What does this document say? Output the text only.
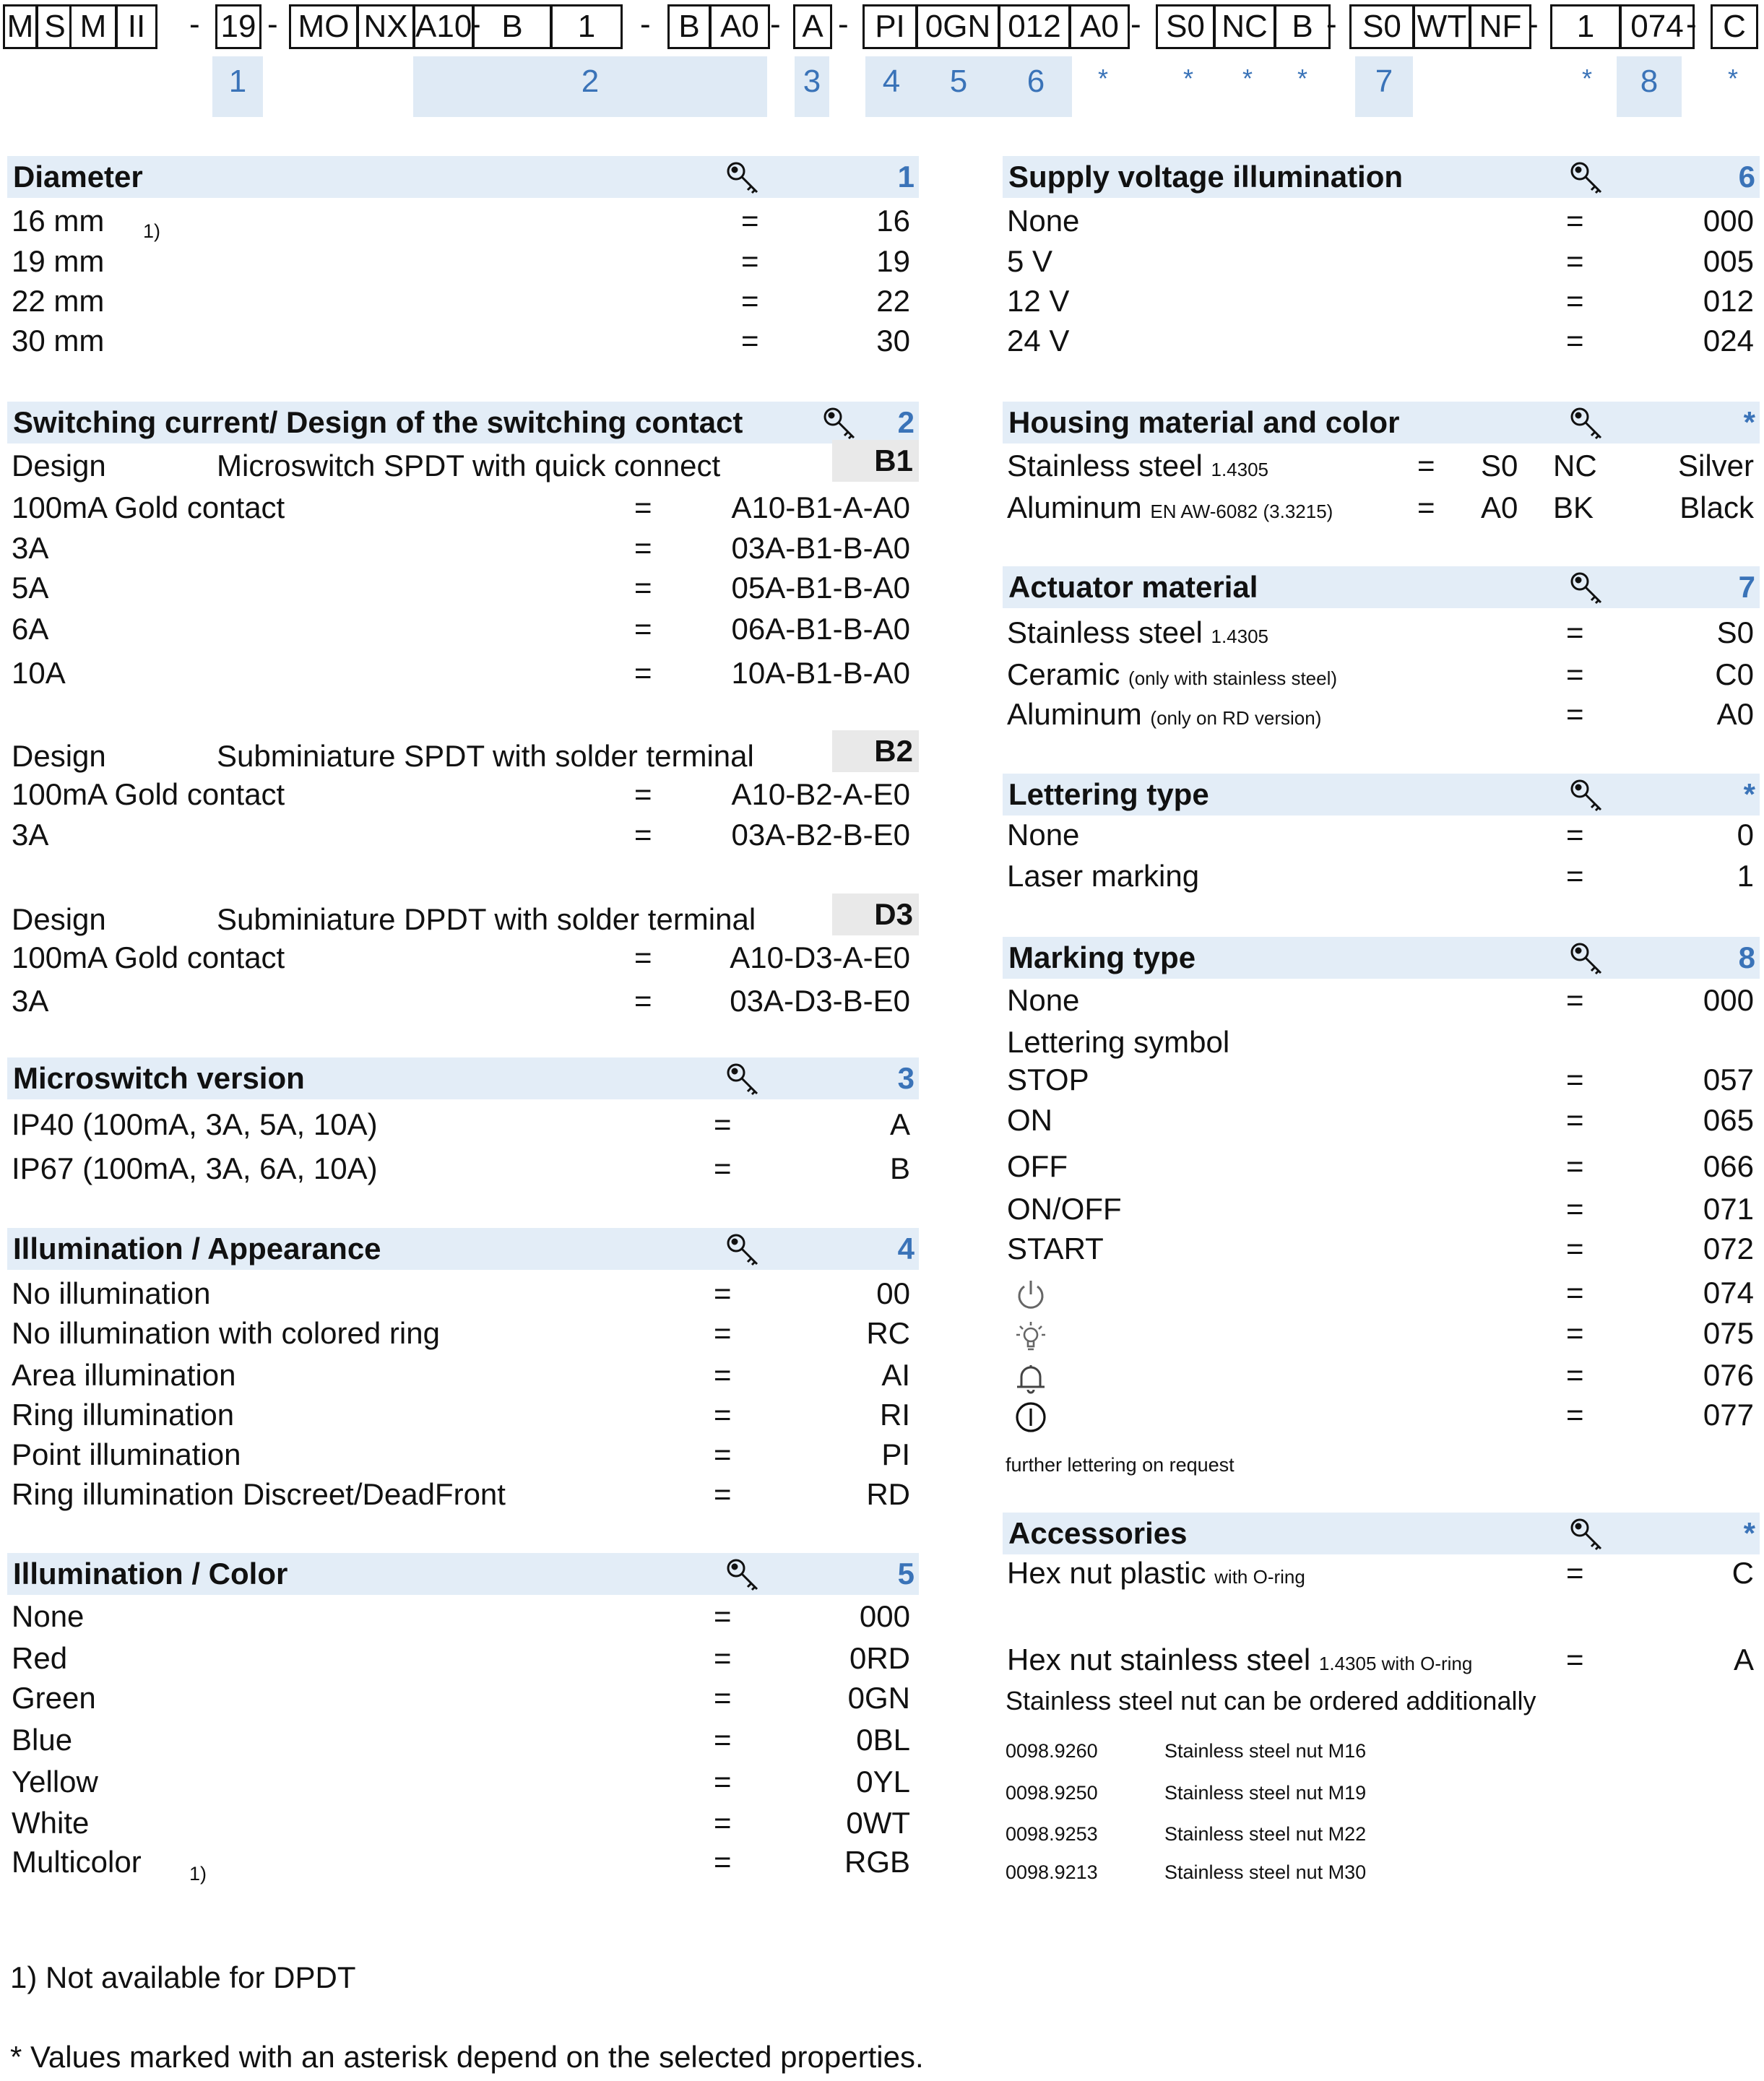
M S M II	19 MO NX A10 B	1	B A0	A	PI 0GN 012 A0	S0 NC B	S0 WT NF	1	074	C
- -	-	-	- -	-	-	-	-
1	2	3	4	5	6	7	8
*	* * *	*	*
Diameter	1
16 mm	=	16
19 mm	=	19
22 mm	=	22
30 mm	=	30
1)
Switching current/ Design of the switching contact	2
Design	Microswitch SPDT with quick connect	B1
100mA Gold contact	=	A10-B1-A-A0
3A	=	03A-B1-B-A0
5A	=	05A-B1-B-A0
6A	=	06A-B1-B-A0
10A	=	10A-B1-B-A0
Design	Subminiature SPDT with solder terminal	B2
100mA Gold contact	=	A10-B2-A-E0
3A	=	03A-B2-B-E0
Design	Subminiature DPDT with solder terminal	D3
100mA Gold contact	=	A10-D3-A-E0
3A	=	03A-D3-B-E0
Microswitch version	3
IP40 (100mA, 3A, 5A, 10A)	=	A
IP67 (100mA, 3A, 6A, 10A)	=	B
Illumination / Appearance	4
No illumination	=	00
No illumination with colored ring	=	RC
Area illumination	=	AI
Ring illumination	=	RI
Point illumination	=	PI
Ring illumination Discreet/DeadFront	=	RD
Illumination / Color	5
None	=	000
Red	=	0RD
Green	=	0GN
Blue	=	0BL
Yellow	=	0YL
White	=	0WT
Multicolor	=	RGB
1)
Supply voltage illumination	6
None	=	000
5 V	=	005
12 V	=	012
24 V	=	024
Housing material and color	*
Stainless steel 1.4305	= S0 NC	Silver
Aluminum EN AW-6082 (3.3215)	= A0 BK	Black
Actuator material	7
Stainless steel 1.4305	=	S0
Ceramic (only with stainless steel)	=	C0
Aluminum (only on RD version)	=	A0
Lettering type	*
None	=	0
Laser marking	=	1
Marking type	8
None	=	000
Lettering symbol
STOP	=	057
ON	=	065
OFF	=	066
ON/OFF	=	071
START	=	072
=	074
=	075
=	076
=	077
further lettering on request
Accessories	*
Hex nut plastic with O-ring	=	C
Hex nut stainless steel 1.4305 with O-ring	=	A
Stainless steel nut can be ordered additionally
0098.9260	Stainless steel nut M16
0098.9250	Stainless steel nut M19
0098.9253	Stainless steel nut M22
0098.9213	Stainless steel nut M30
1) Not available for DPDT
* Values marked with an asterisk depend on the selected properties.
